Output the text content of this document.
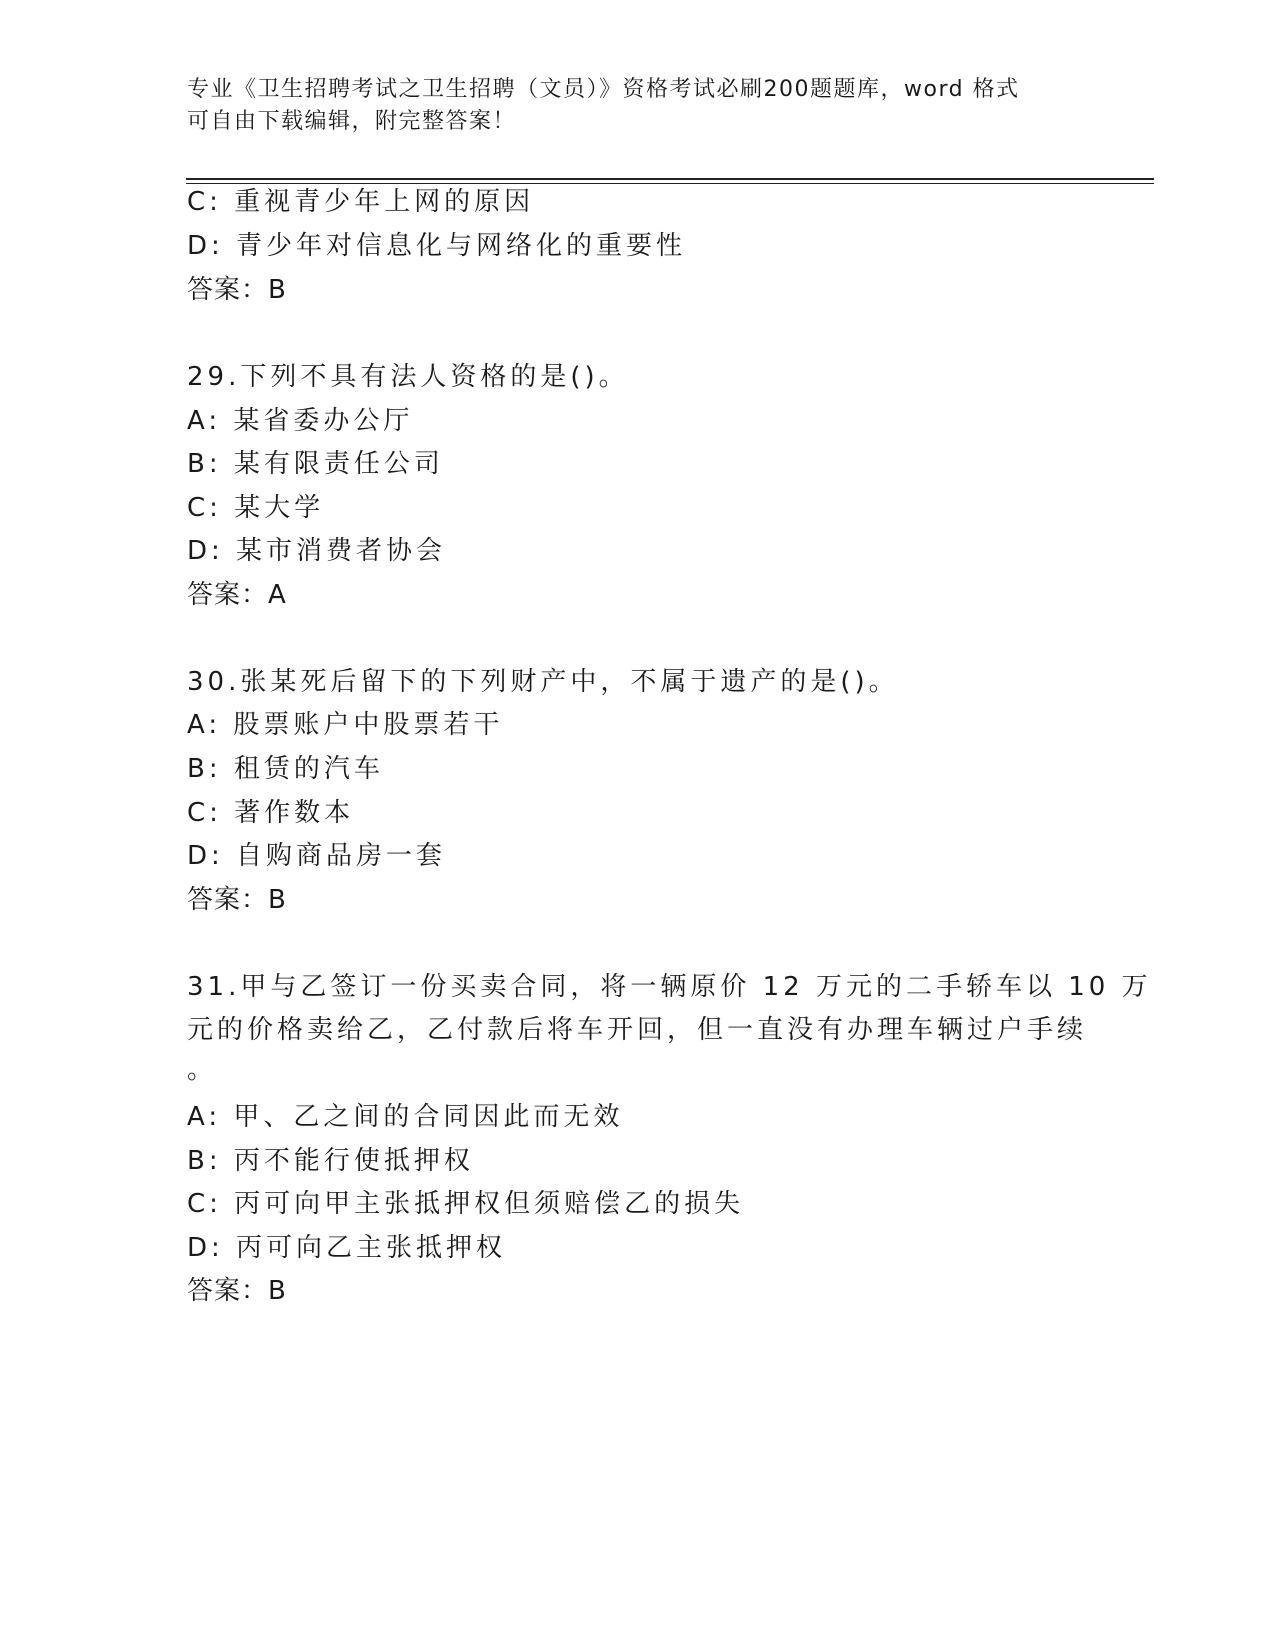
专业《卫生招聘考试之卫生招聘（文员）》资格考试必刷200题题库，word 格式
可自由下载编辑，附完整答案！
C: 重视青少年上网的原因
D: 青少年对信息化与网络化的重要性
答案：B
29.下列不具有法人资格的是()。
A: 某省委办公厅
B: 某有限责任公司
C: 某大学
D: 某市消费者协会
答案：A
30.张某死后留下的下列财产中，不属于遗产的是()。
A: 股票账户中股票若干
B: 租赁的汽车
C: 著作数本
D: 自购商品房一套
答案：B
31.甲与乙签订一份买卖合同，将一辆原价 12 万元的二手轿车以 10 万
元的价格卖给乙，乙付款后将车开回，但一直没有办理车辆过户手续
。
A: 甲、乙之间的合同因此而无效
B: 丙不能行使抵押权
C: 丙可向甲主张抵押权但须赔偿乙的损失
D: 丙可向乙主张抵押权
答案：B
